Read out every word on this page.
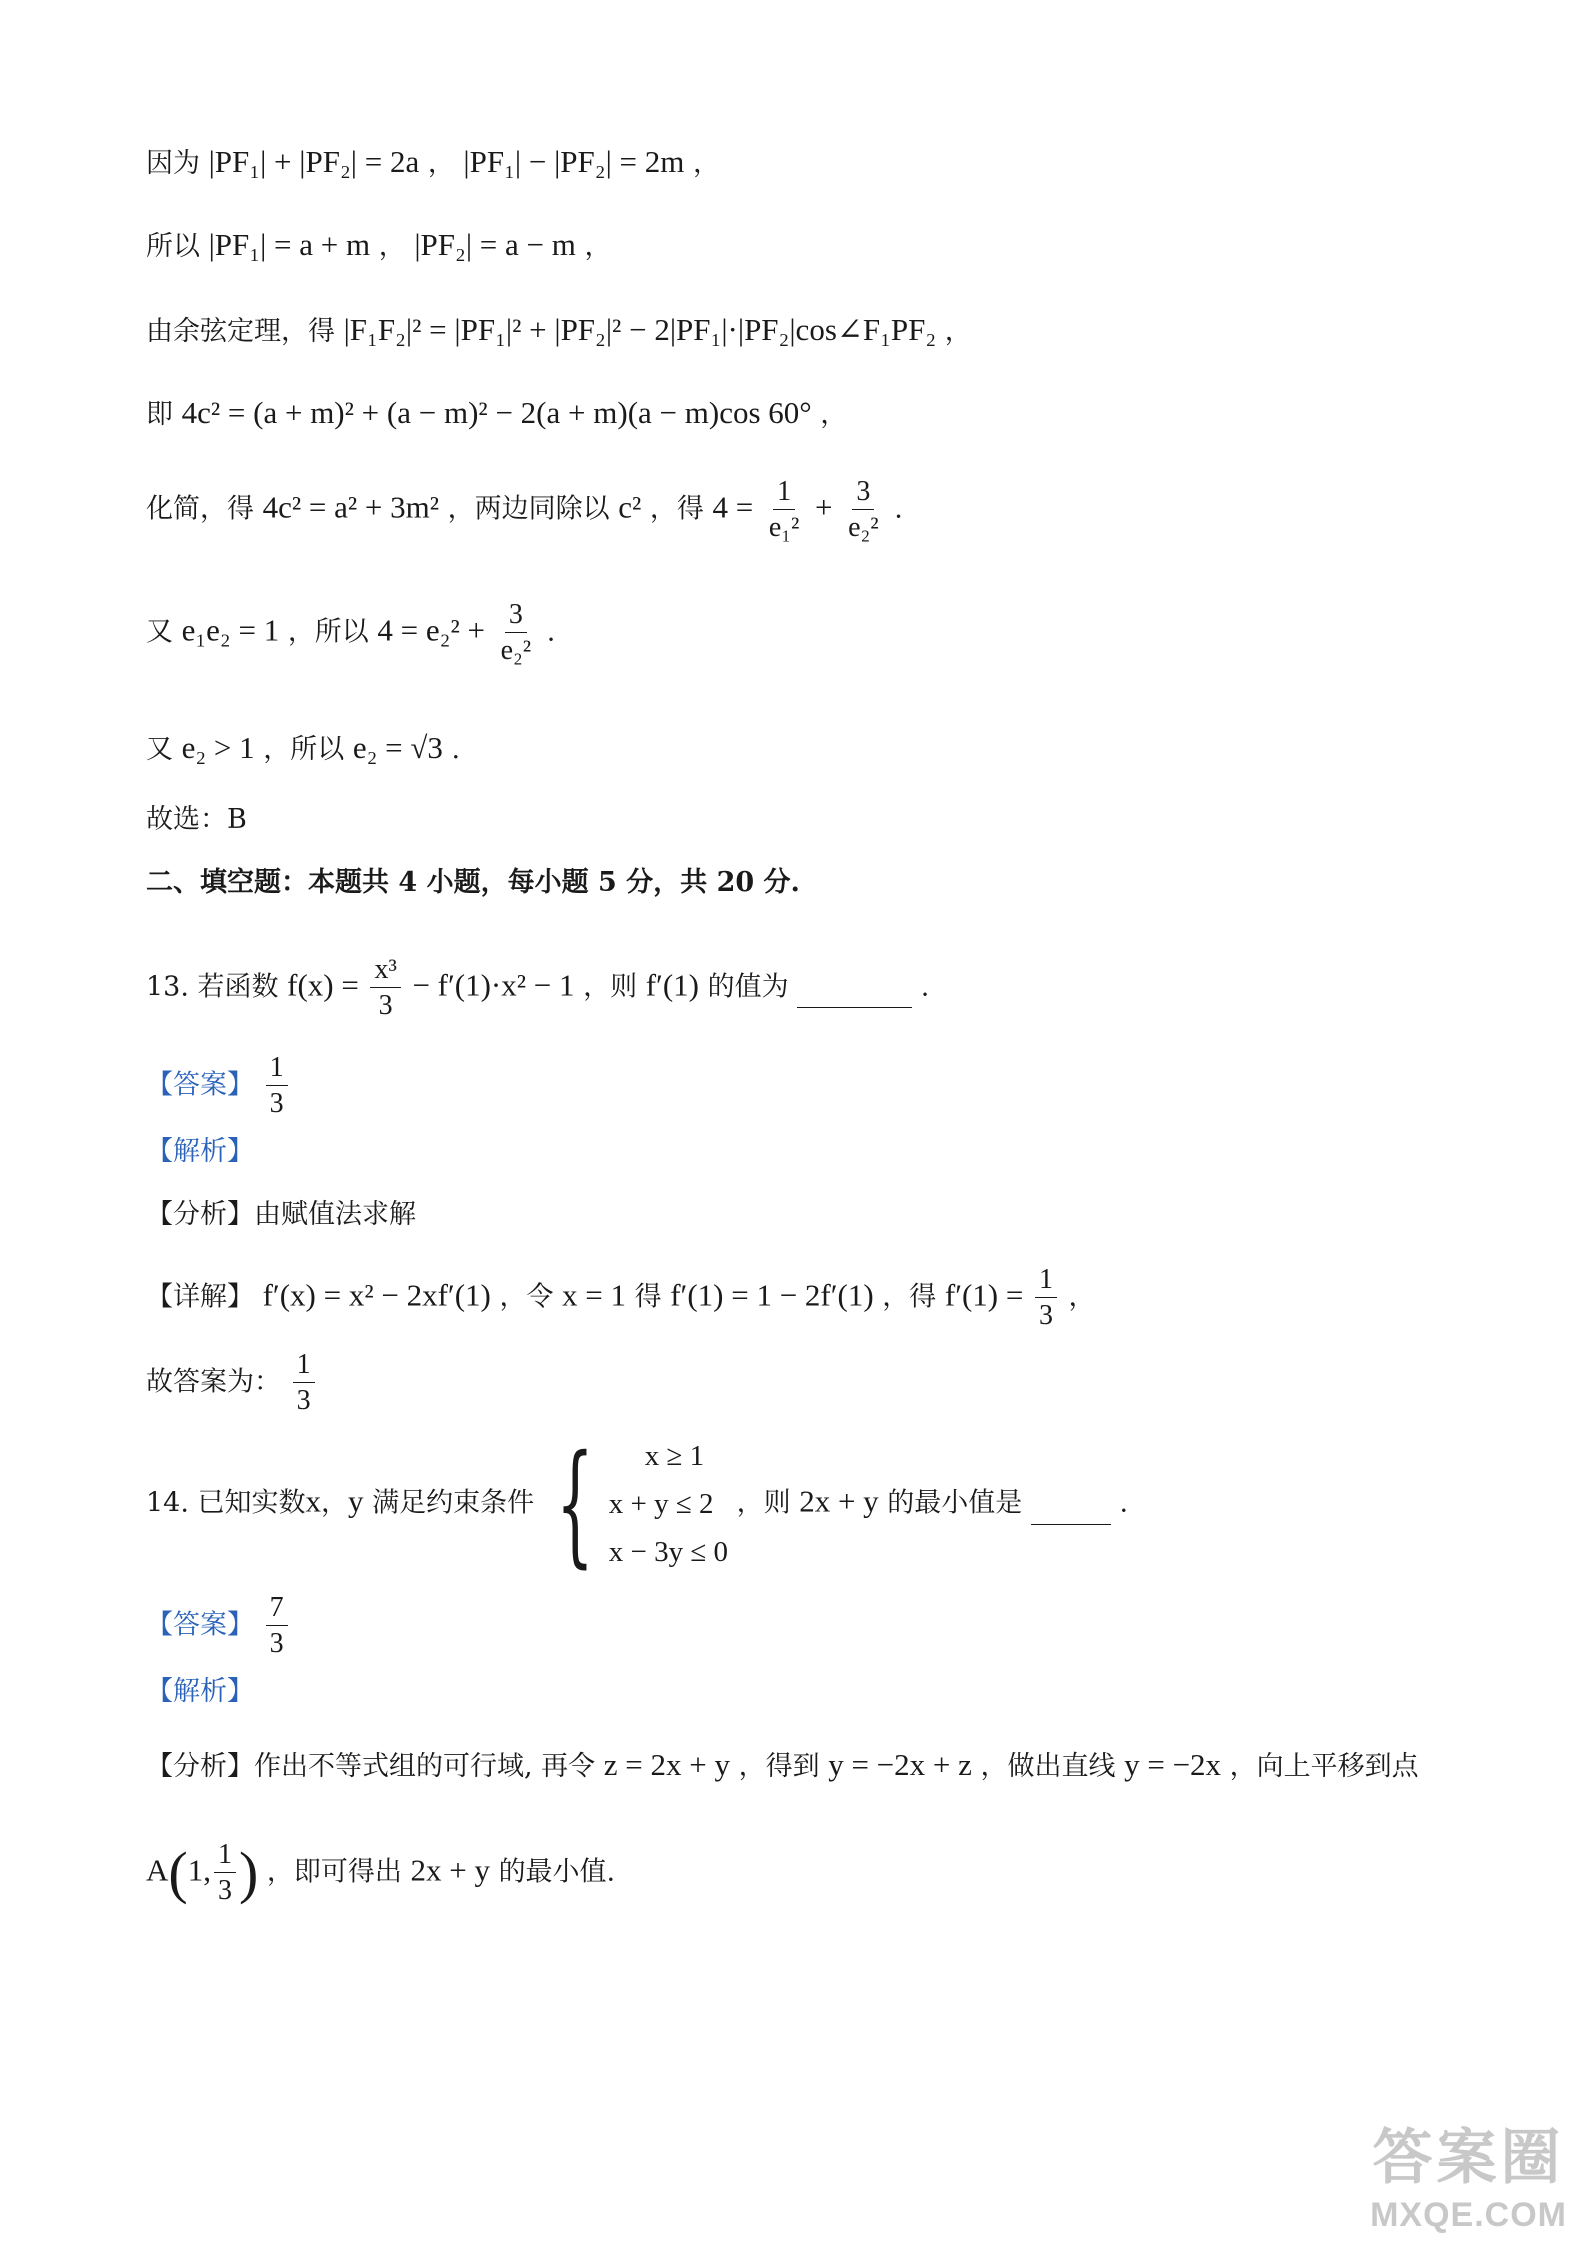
因为 |PF₁| + |PF₂| = 2a ， |PF₁| − |PF₂| = 2m ，
所以 |PF₁| = a + m ， |PF₂| = a − m ，
由余弦定理，得 |F₁F₂|² = |PF₁|² + |PF₂|² − 2|PF₁|·|PF₂|cos∠F₁PF₂ ，
即 4c² = (a + m)² + (a − m)² − 2(a + m)(a − m)cos 60° ，
化简，得 4c² = a² + 3m² ，两边同除以 c² ，得 $4 = \frac{1}{\text{e₁²}} + \frac{3}{\text{e₂²}}$ .
又 e₁e₂ = 1 ，所以 $4 = e_2^2 + \frac{3}{\text{e₂²}}$ .
又 e₂ > 1 ，所以 e₂ = √3 .
故选：B
二、填空题：本题共 4 小题，每小题 5 分，共 20 分.
13. 若函数 $f(x) = \frac{\text{x³}}{3} - f'(1)\cdot x^2 - 1$ ，则 f′(1) 的值为	.
【答案】 $\frac{1}{3}$
【解析】
【分析】由赋值法求解
【详解】 f′(x) = x² − 2xf′(1) ，令 x = 1 得 f′(1) = 1 − 2f′(1) ，得 $f'(1) = \frac{1}{3}$ ，
故答案为： $\frac{1}{3}$
14. 已知实数x，y 满足约束条件 {	x ≥ 1
x + y ≤ 2
x − 3y ≤ 0
，则 2x + y 的最小值是	.
【答案】 $\frac{7}{3}$
【解析】
【分析】作出不等式组的可行域, 再令 z = 2x + y ，得到 y = −2x + z ，做出直线 y = −2x ，向上平移到点
A(1, $\frac{1}{3}$ ) ，即可得出 2x + y 的最小值.
答案圈
MXQE.COM
